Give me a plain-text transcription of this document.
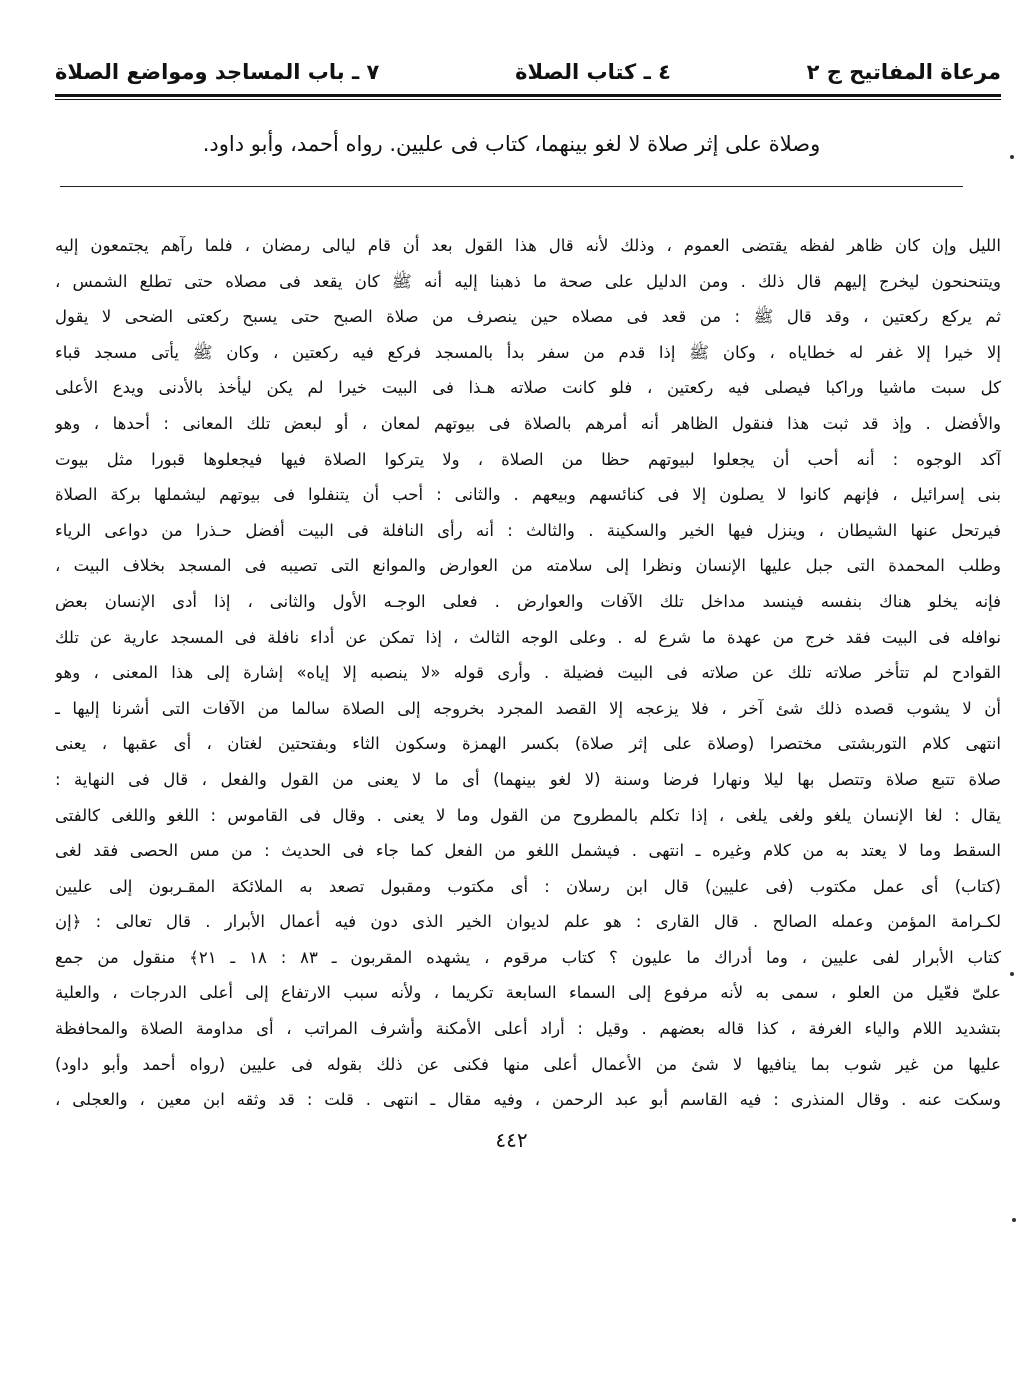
مرعاة المفاتيح ج ٢
٤ ـ كتاب الصلاة
٧ ـ باب المساجد ومواضع الصلاة
وصلاة على إثر صلاة لا لغو بينهما، كتاب فى عليين. رواه أحمد، وأبو داود.
الليل وإن كان ظاهر لفظه يقتضى العموم ، وذلك لأنه قال هذا القول بعد أن قام ليالى رمضان ، فلما رآهم يجتمعون إليه
ويتنحنحون ليخرج إليهم قال ذلك . ومن الدليل على صحة ما ذهبنا إليه أنه ﷺ كان يقعد فى مصلاه حتى تطلع الشمس ،
ثم يركع ركعتين ، وقد قال ﷺ : من قعد فى مصلاه حين ينصرف من صلاة الصبح حتى يسبح ركعتى الضحى لا يقول
إلا خيرا إلا غفر له خطاياه ، وكان ﷺ إذا قدم من سفر بدأ بالمسجد فركع فيه ركعتين ، وكان ﷺ يأتى مسجد قباء
كل سبت ماشيا وراكبا فيصلى فيه ركعتين ، فلو كانت صلاته هـذا فى البيت خيرا لم يكن ليأخذ بالأدنى ويدع الأعلى
والأفضل . وإذ قد ثبت هذا فنقول الظاهر أنه أمرهم بالصلاة فى بيوتهم لمعان ، أو لبعض تلك المعانى : أحدها ، وهو
آكد الوجوه : أنه أحب أن يجعلوا لبيوتهم حظا من الصلاة ، ولا يتركوا الصلاة فيها فيجعلوها قبورا مثل بيوت
بنى إسرائيل ، فإنهم كانوا لا يصلون إلا فى كنائسهم وبيعهم . والثانى : أحب أن يتنفلوا فى بيوتهم ليشملها بركة الصلاة
فيرتحل عنها الشيطان ، وينزل فيها الخير والسكينة . والثالث : أنه رأى النافلة فى البيت أفضل حـذرا من دواعى الرياء
وطلب المحمدة التى جبل عليها الإنسان ونظرا إلى سلامته من العوارض والموانع التى تصيبه فى المسجد بخلاف البيت ،
فإنه يخلو هناك بنفسه فينسد مداخل تلك الآفات والعوارض . فعلى الوجـه الأول والثانى ، إذا أدى الإنسان بعض
نوافله فى البيت فقد خرج من عهدة ما شرع له . وعلى الوجه الثالث ، إذا تمكن عن أداء نافلة فى المسجد عارية عن تلك
القوادح لم تتأخر صلاته تلك عن صلاته فى البيت فضيلة . وأرى قوله «لا ينصبه إلا إياه» إشارة إلى هذا المعنى ، وهو
أن لا يشوب قصده ذلك شئ آخر ، فلا يزعجه إلا القصد المجرد بخروجه إلى الصلاة سالما من الآفات التى أشرنا إليها ـ
انتهى كلام التوربشتى مختصرا (وصلاة على إثر صلاة) بكسر الهمزة وسكون الثاء وبفتحتين لغتان ، أى عقبها ، يعنى
صلاة تتبع صلاة وتتصل بها ليلا ونهارا فرضا وسنة (لا لغو بينهما) أى ما لا يعنى من القول والفعل ، قال فى النهاية :
يقال : لغا الإنسان يلغو ولغى يلغى ، إذا تكلم بالمطروح من القول وما لا يعنى . وقال فى القاموس : اللغو واللغى كالفتى
السقط وما لا يعتد به من كلام وغيره ـ انتهى . فيشمل اللغو من الفعل كما جاء فى الحديث : من مس الحصى فقد لغى
(كتاب) أى عمل مكتوب (فى عليين) قال ابن رسلان : أى مكتوب ومقبول تصعد به الملائكة المقـربون إلى عليين
لكـرامة المؤمن وعمله الصالح . قال القارى : هو علم لديوان الخير الذى دون فيه أعمال الأبرار . قال تعالى : ﴿إن
كتاب الأبرار لفى عليين ، وما أدراك ما عليون ؟ كتاب مرقوم ، يشهده المقربون ـ ٨٣ : ١٨ ـ ٢١﴾ منقول من جمع
علىّ فعّيل من العلو ، سمى به لأنه مرفوع إلى السماء السابعة تكريما ، ولأنه سبب الارتفاع إلى أعلى الدرجات ، والعلية
بتشديد اللام والياء الغرفة ، كذا قاله بعضهم . وقيل : أراد أعلى الأمكنة وأشرف المراتب ، أى مداومة الصلاة والمحافظة
عليها من غير شوب بما ينافيها لا شئ من الأعمال أعلى منها فكنى عن ذلك بقوله فى عليين (رواه أحمد وأبو داود)
وسكت عنه . وقال المنذرى : فيه القاسم أبو عبد الرحمن ، وفيه مقال ـ انتهى . قلت : قد وثقه ابن معين ، والعجلى ،
٤٤٢
